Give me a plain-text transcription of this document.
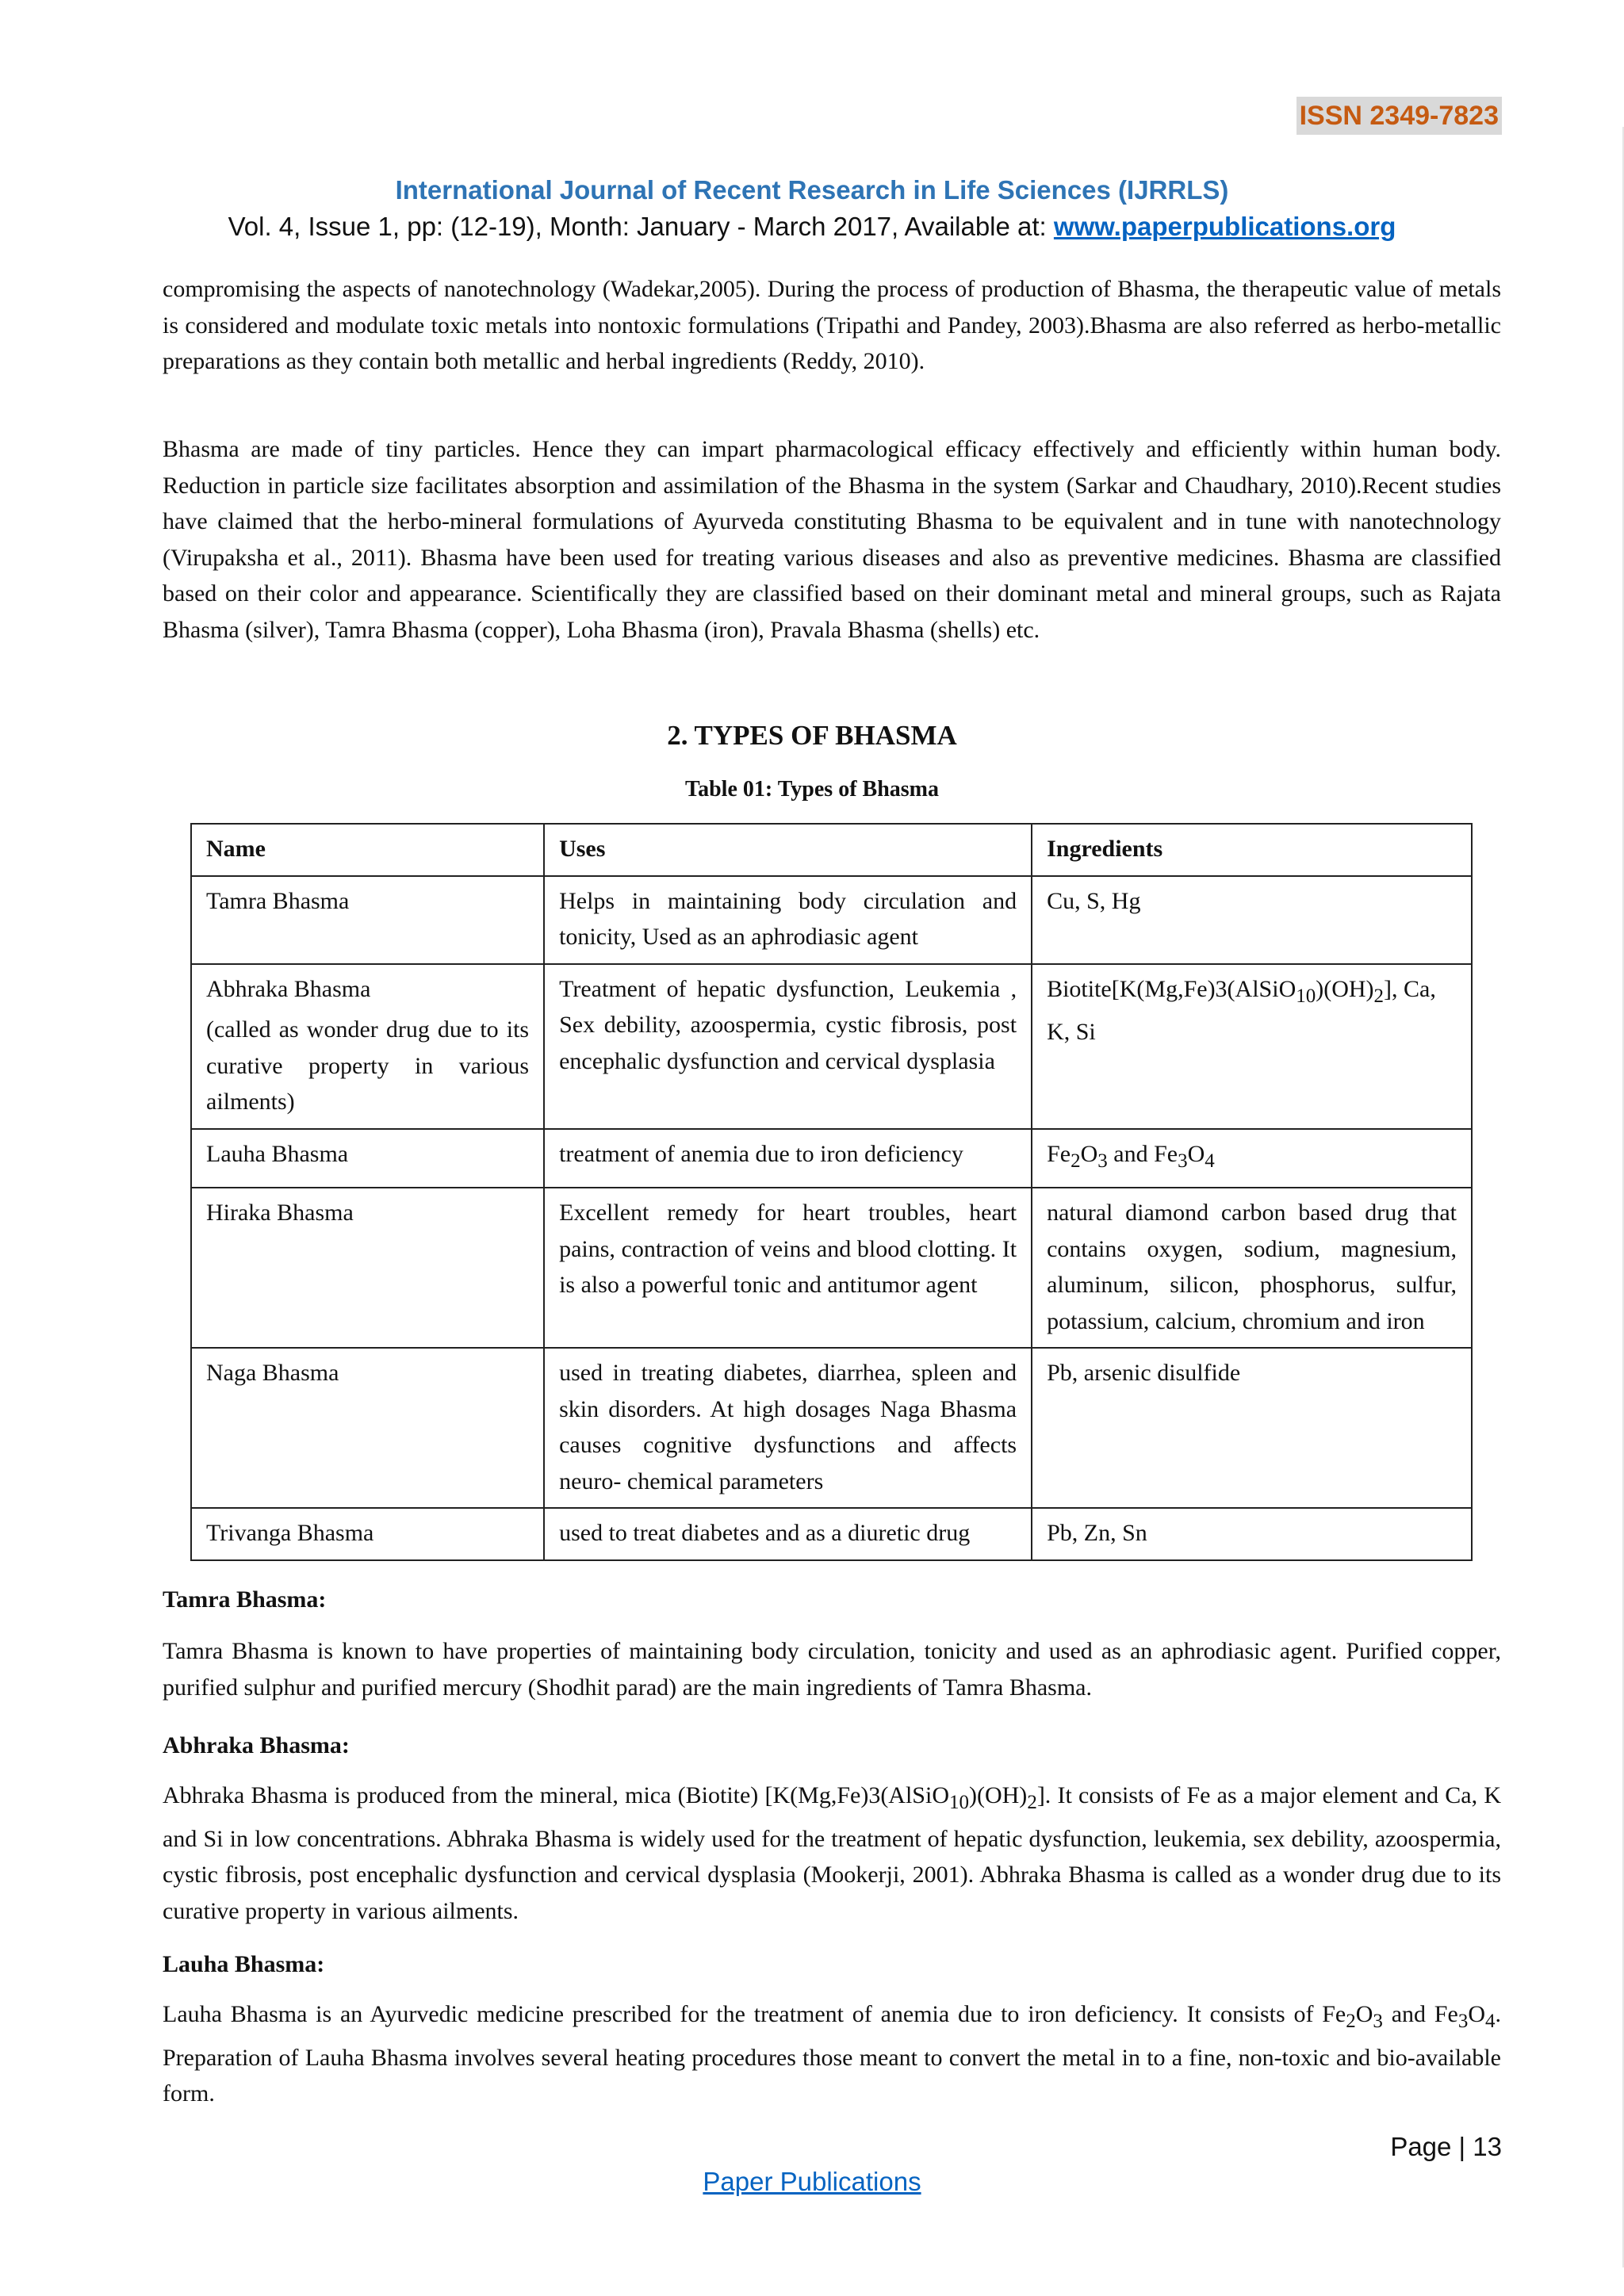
ISSN 2349-7823
International Journal of Recent Research in Life Sciences (IJRRLS)
Vol. 4, Issue 1, pp: (12-19), Month: January - March 2017, Available at: www.paperpublications.org

compromising the aspects of nanotechnology (Wadekar,2005). During the process of production of Bhasma, the therapeutic value of metals is considered and modulate toxic metals into nontoxic formulations (Tripathi and Pandey, 2003).Bhasma are also referred as herbo-metallic preparations as they contain both metallic and herbal ingredients (Reddy, 2010).

Bhasma are made of tiny particles. Hence they can impart pharmacological efficacy effectively and efficiently within human body. Reduction in particle size facilitates absorption and assimilation of the Bhasma in the system (Sarkar and Chaudhary, 2010).Recent studies have claimed that the herbo-mineral formulations of Ayurveda constituting Bhasma to be equivalent and in tune with nanotechnology (Virupaksha et al., 2011). Bhasma have been used for treating various diseases and also as preventive medicines. Bhasma are classified based on their color and appearance. Scientifically they are classified based on their dominant metal and mineral groups, such as Rajata Bhasma (silver), Tamra Bhasma (copper), Loha Bhasma (iron), Pravala Bhasma (shells) etc.

2. TYPES OF BHASMA
Table 01: Types of Bhasma
Name	Uses	Ingredients
Tamra Bhasma	Helps in maintaining body circulation and tonicity, Used as an aphrodiasic agent	Cu, S, Hg

Abhraka Bhasma
(called as wonder drug due to its curative property in various ailments)	Treatment of hepatic dysfunction, Leukemia , Sex debility, azoospermia, cystic fibrosis, post encephalic dysfunction and cervical dysplasia	$Biotite[K(Mg,Fe)3(AlSiO_{10})(OH)_2]$, Ca, K, Si
Lauha Bhasma	treatment of anemia due to iron deficiency	$Fe_2O_3$ and $Fe_3O_4$
Hiraka Bhasma	Excellent remedy for heart troubles, heart pains, contraction of veins and blood clotting. It is also a powerful tonic and antitumor agent	natural diamond carbon based drug that contains oxygen, sodium, magnesium, aluminum, silicon, phosphorus, sulfur, potassium, calcium, chromium and iron
Naga Bhasma	used in treating diabetes, diarrhea, spleen and skin disorders. At high dosages Naga Bhasma causes cognitive dysfunctions and affects neuro- chemical parameters	Pb, arsenic disulfide
Trivanga Bhasma	used to treat diabetes and as a diuretic drug	Pb, Zn, Sn
Tamra Bhasma:

Tamra Bhasma is known to have properties of maintaining body circulation, tonicity and used as an aphrodiasic agent. Purified copper, purified sulphur and purified mercury (Shodhit parad) are the main ingredients of Tamra Bhasma.

Abhraka Bhasma:

Abhraka Bhasma is produced from the mineral, mica (Biotite) $[K(Mg,Fe)3(AlSiO_{10})(OH)_2]$. It consists of Fe as a major element and Ca, K and Si in low concentrations. Abhraka Bhasma is widely used for the treatment of hepatic dysfunction, leukemia, sex debility, azoospermia, cystic fibrosis, post encephalic dysfunction and cervical dysplasia (Mookerji, 2001). Abhraka Bhasma is called as a wonder drug due to its curative property in various ailments.

Lauha Bhasma:

Lauha Bhasma is an Ayurvedic medicine prescribed for the treatment of anemia due to iron deficiency. It consists of $Fe_2O_3$ and $Fe_3O_4$. Preparation of Lauha Bhasma involves several heating procedures those meant to convert the metal in to a fine, non-toxic and bio-available form.

Page | 13
Paper Publications
